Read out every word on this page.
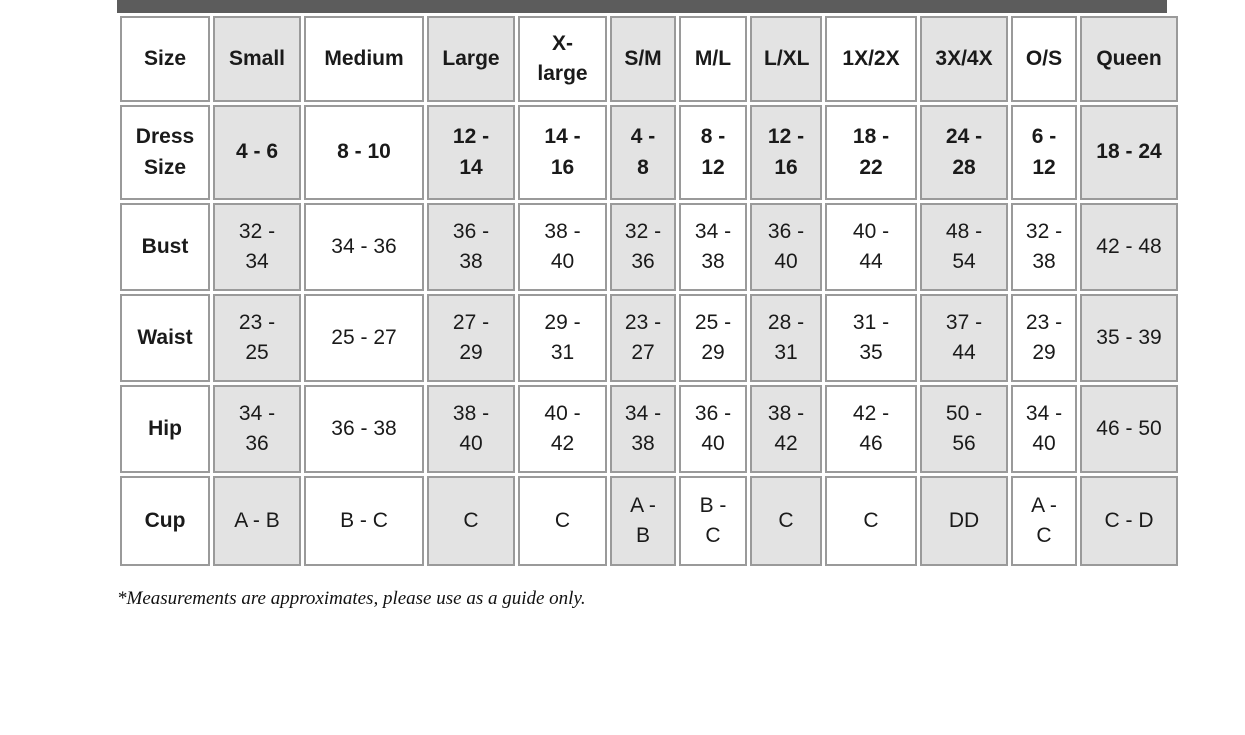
Size	Small	Medium	Large	X-large	S/M	M/L	L/XL	1X/2X	3X/4X	O/S	Queen
Dress Size	4 - 6	8 - 10	12 - 14	14 - 16	4 - 8	8 - 12	12 - 16	18 - 22	24 - 28	6 - 12	18 - 24
Bust	32 - 34	34 - 36	36 - 38	38 - 40	32 - 36	34 - 38	36 - 40	40 - 44	48 - 54	32 - 38	42 - 48
Waist	23 - 25	25 - 27	27 - 29	29 - 31	23 - 27	25 - 29	28 - 31	31 - 35	37 - 44	23 - 29	35 - 39
Hip	34 - 36	36 - 38	38 - 40	40 - 42	34 - 38	36 - 40	38 - 42	42 - 46	50 - 56	34 - 40	46 - 50
Cup	A - B	B - C	C	C	A - B	B - C	C	C	DD	A - C	C - D

*Measurements are approximates, please use as a guide only.
